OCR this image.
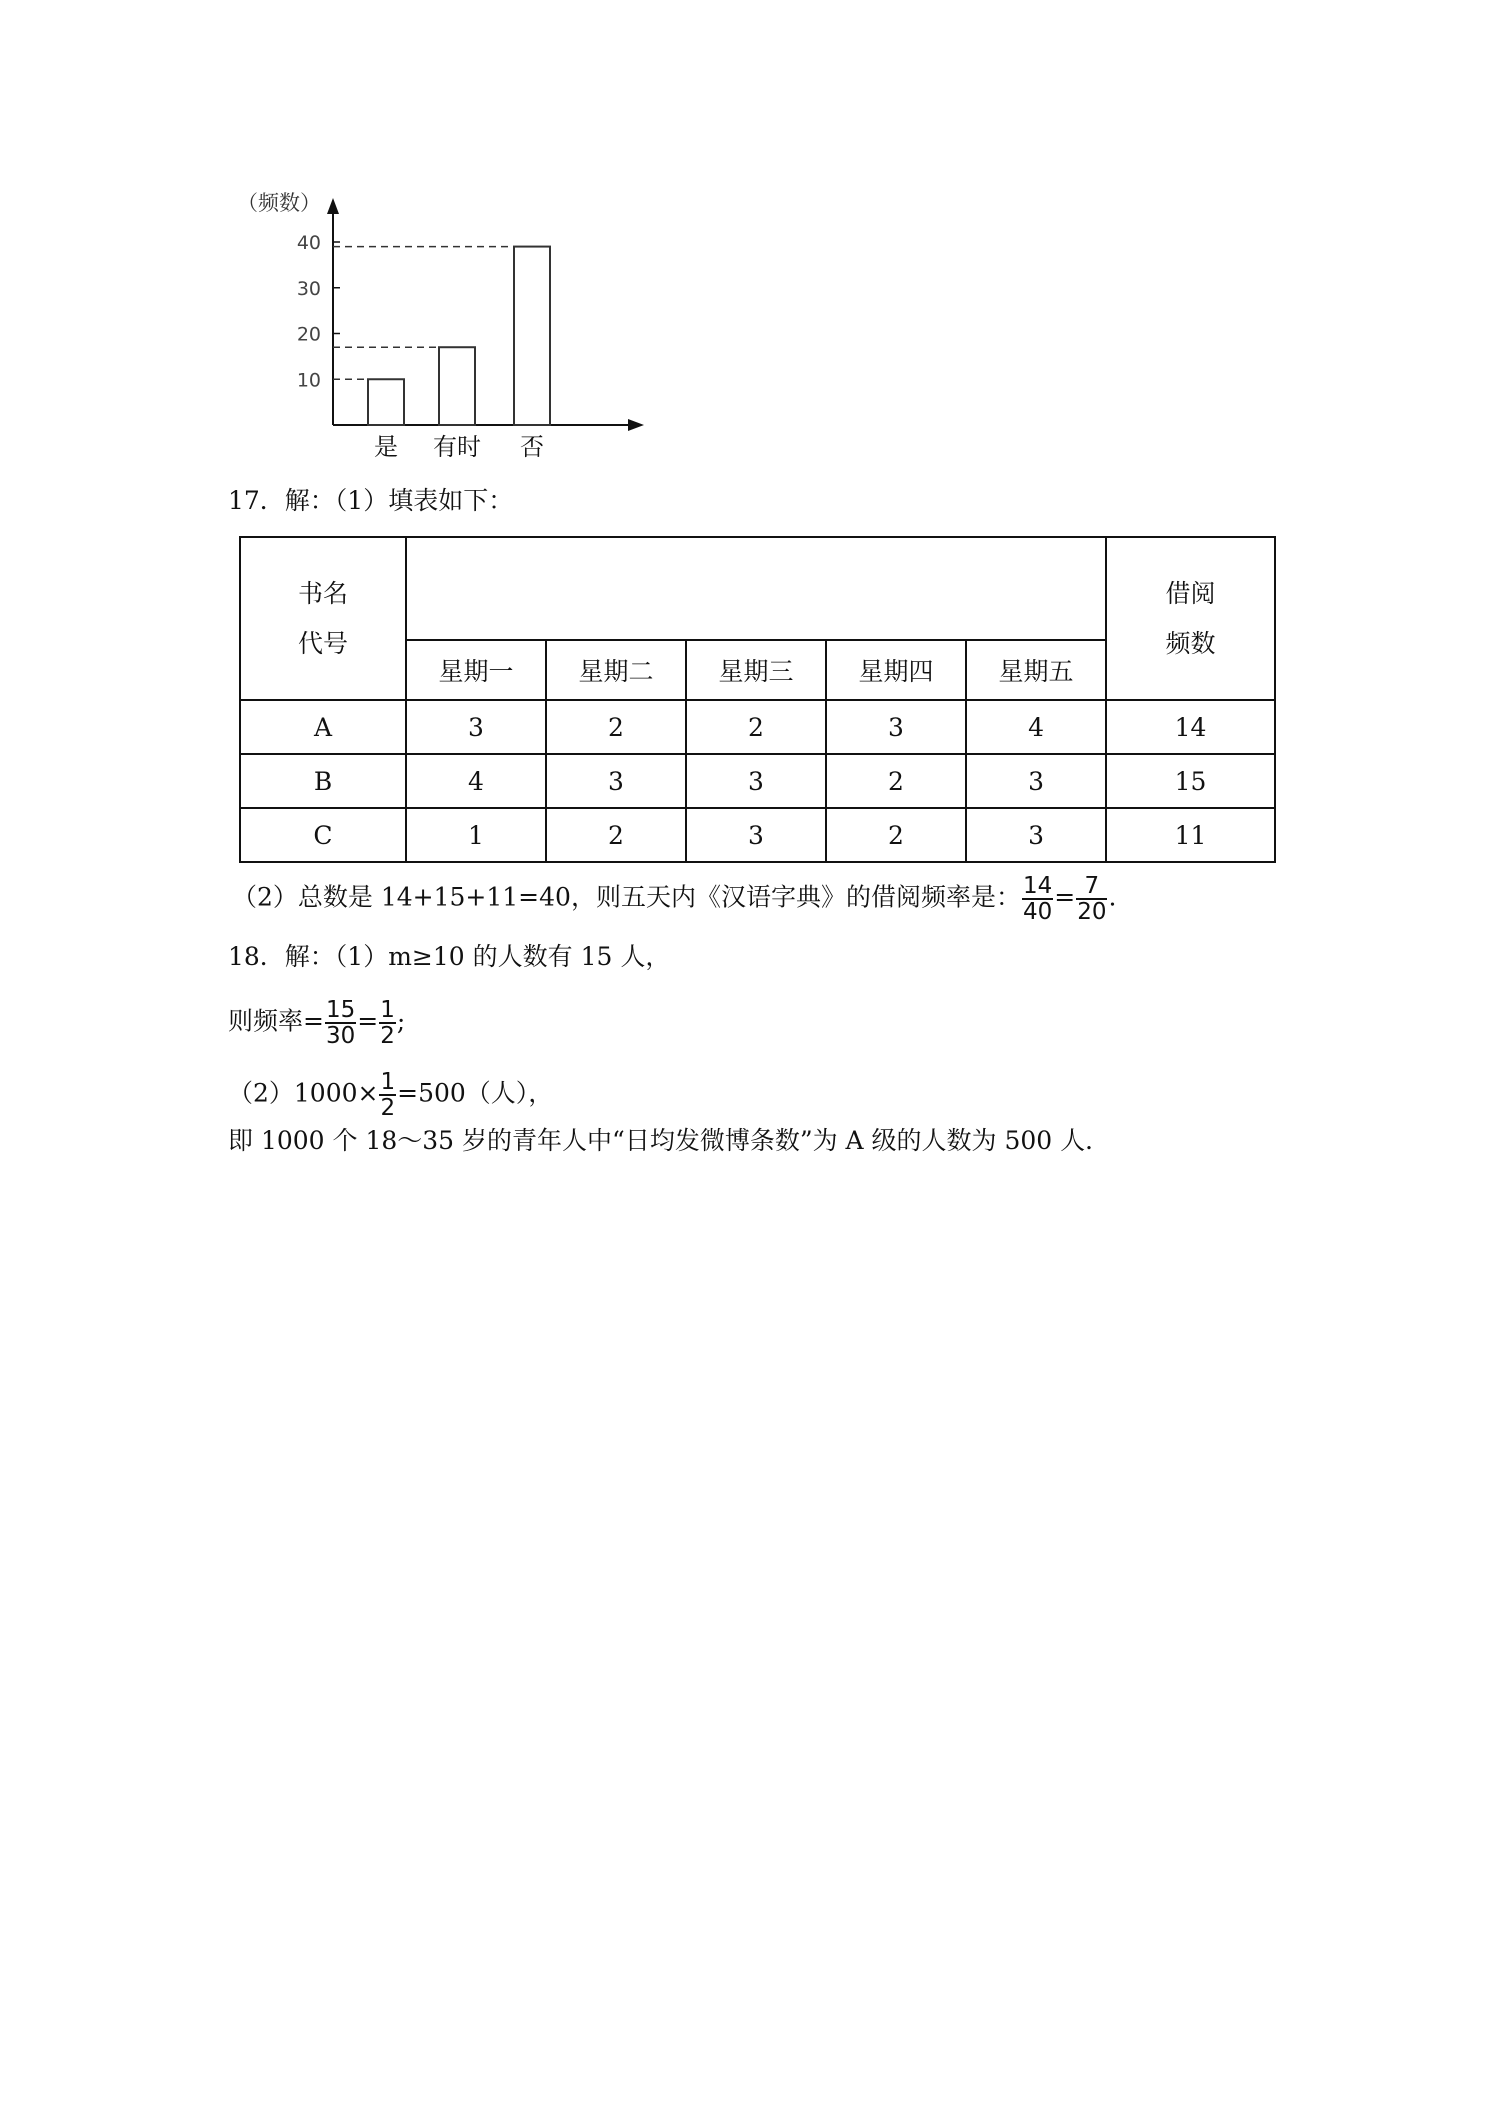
（频数）
10
20
30
40
是 有时 否
17．解：（1）填表如下：
书名
代号						借阅
频数

	星期一	星期二	星期三	星期四	星期五	
A	3	2	2	3	4	14
B	4	3	3	2	3	15
C	1	2	3	2	3	11
（2）总数是 14+15+11=40，则五天内《汉语字典》的借阅频率是： $\frac{14}{40} = \frac{7}{20}$ .
18．解：（1）m≥10 的人数有 15 人，
则频率= $\frac{15}{30} = \frac{1}{2}$ ;
$(2)1000\times \frac{1}{2} =500$（人），
即 1000 个 18～35 岁的青年人中“日均发微博条数”为 A 级的人数为 500 人．
